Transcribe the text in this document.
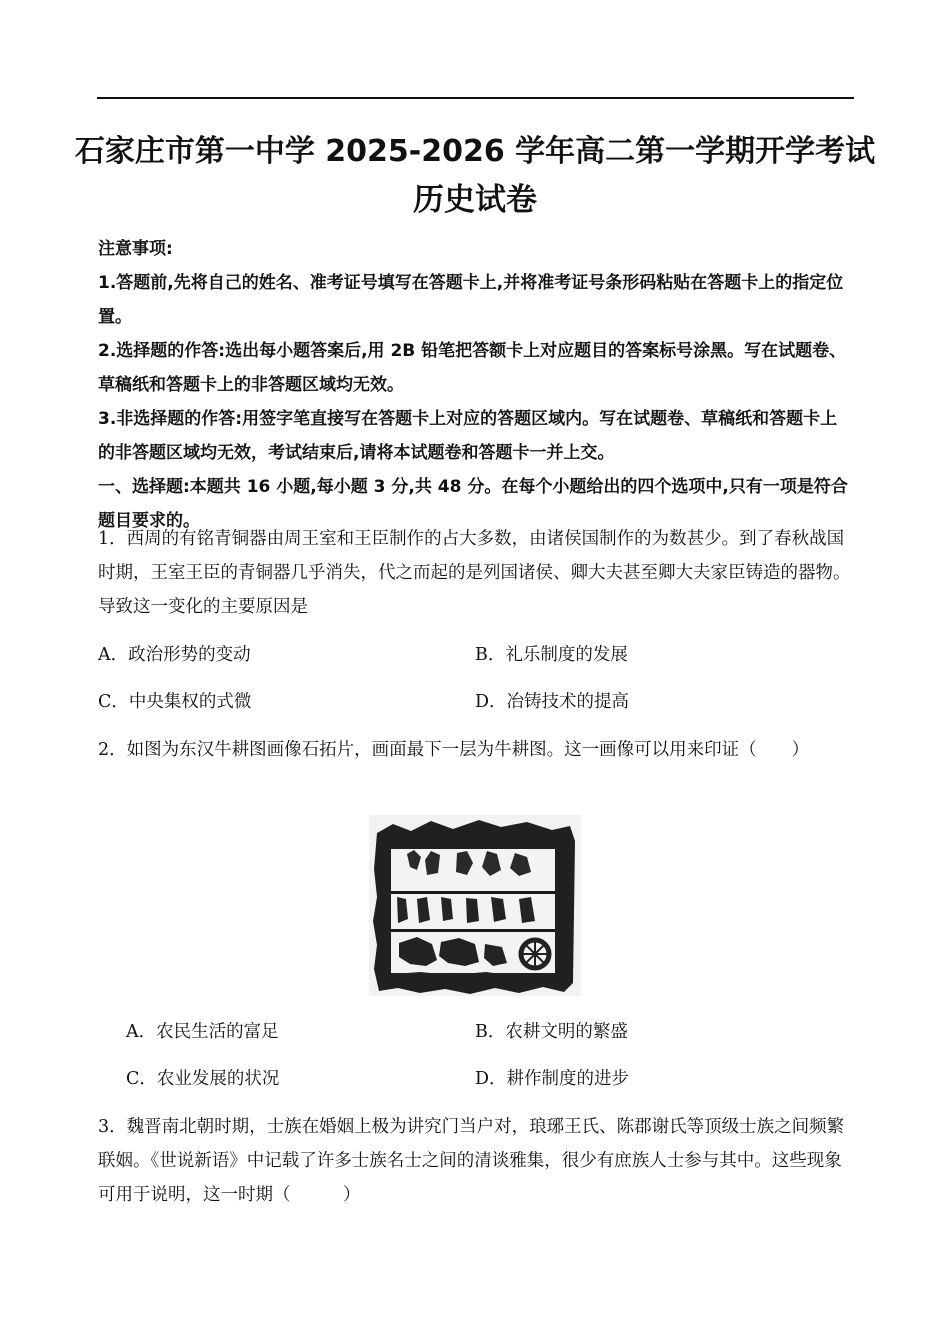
石家庄市第一中学 2025-2026 学年高二第一学期开学考试
历史试卷

注意事项:

1.答题前,先将自己的姓名、准考证号填写在答题卡上,并将准考证号条形码粘贴在答题卡上的指定位置。

2.选择题的作答:选出每小题答案后,用 2B 铅笔把答额卡上对应题目的答案标号涂黑。写在试题卷、草稿纸和答题卡上的非答题区域均无效。

3.非选择题的作答:用签字笔直接写在答题卡上对应的答题区域内。写在试题卷、草稿纸和答题卡上的非答题区域均无效，考试结束后,请将本试题卷和答题卡一并上交。

一、选择题:本题共 16 小题,每小题 3 分,共 48 分。在每个小题给出的四个选项中,只有一项是符合题目要求的。

1．西周的有铭青铜器由周王室和王臣制作的占大多数，由诸侯国制作的为数甚少。到了春秋战国时期，王室王臣的青铜器几乎消失，代之而起的是列国诸侯、卿大夫甚至卿大夫家臣铸造的器物。导致这一变化的主要原因是

A．政治形势的变动	B．礼乐制度的发展
C．中央集权的式微	D．冶铸技术的提高

2．如图为东汉牛耕图画像石拓片，画面最下一层为牛耕图。这一画像可以用来印证（　　）

A．农民生活的富足	B．农耕文明的繁盛
C．农业发展的状况	D．耕作制度的进步

3．魏晋南北朝时期，士族在婚姻上极为讲究门当户对，琅琊王氏、陈郡谢氏等顶级士族之间频繁联姻。《世说新语》中记载了许多士族名士之间的清谈雅集，很少有庶族人士参与其中。这些现象可用于说明，这一时期（　　　）
